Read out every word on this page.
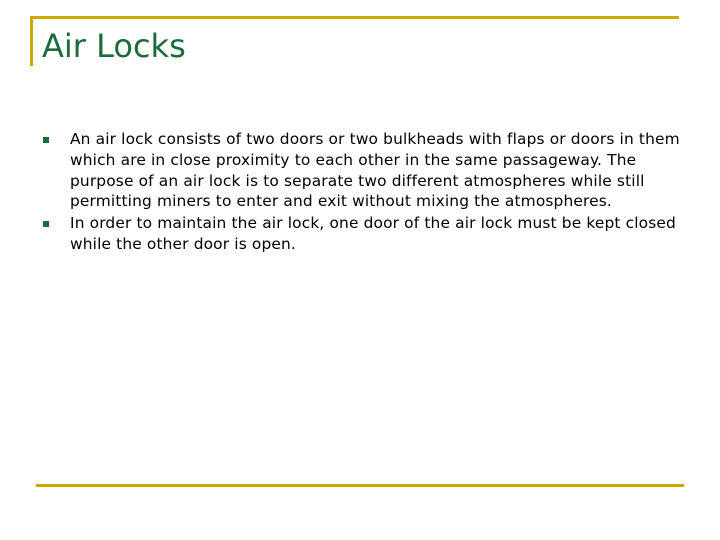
Air Locks
An air lock consists of two doors or two bulkheads with flaps or doors in them which are in close proximity to each other in the same passageway. The purpose of an air lock is to separate two different atmospheres while still permitting miners to enter and exit without mixing the atmospheres.
In order to maintain the air lock, one door of the air lock must be kept closed while the other door is open.
